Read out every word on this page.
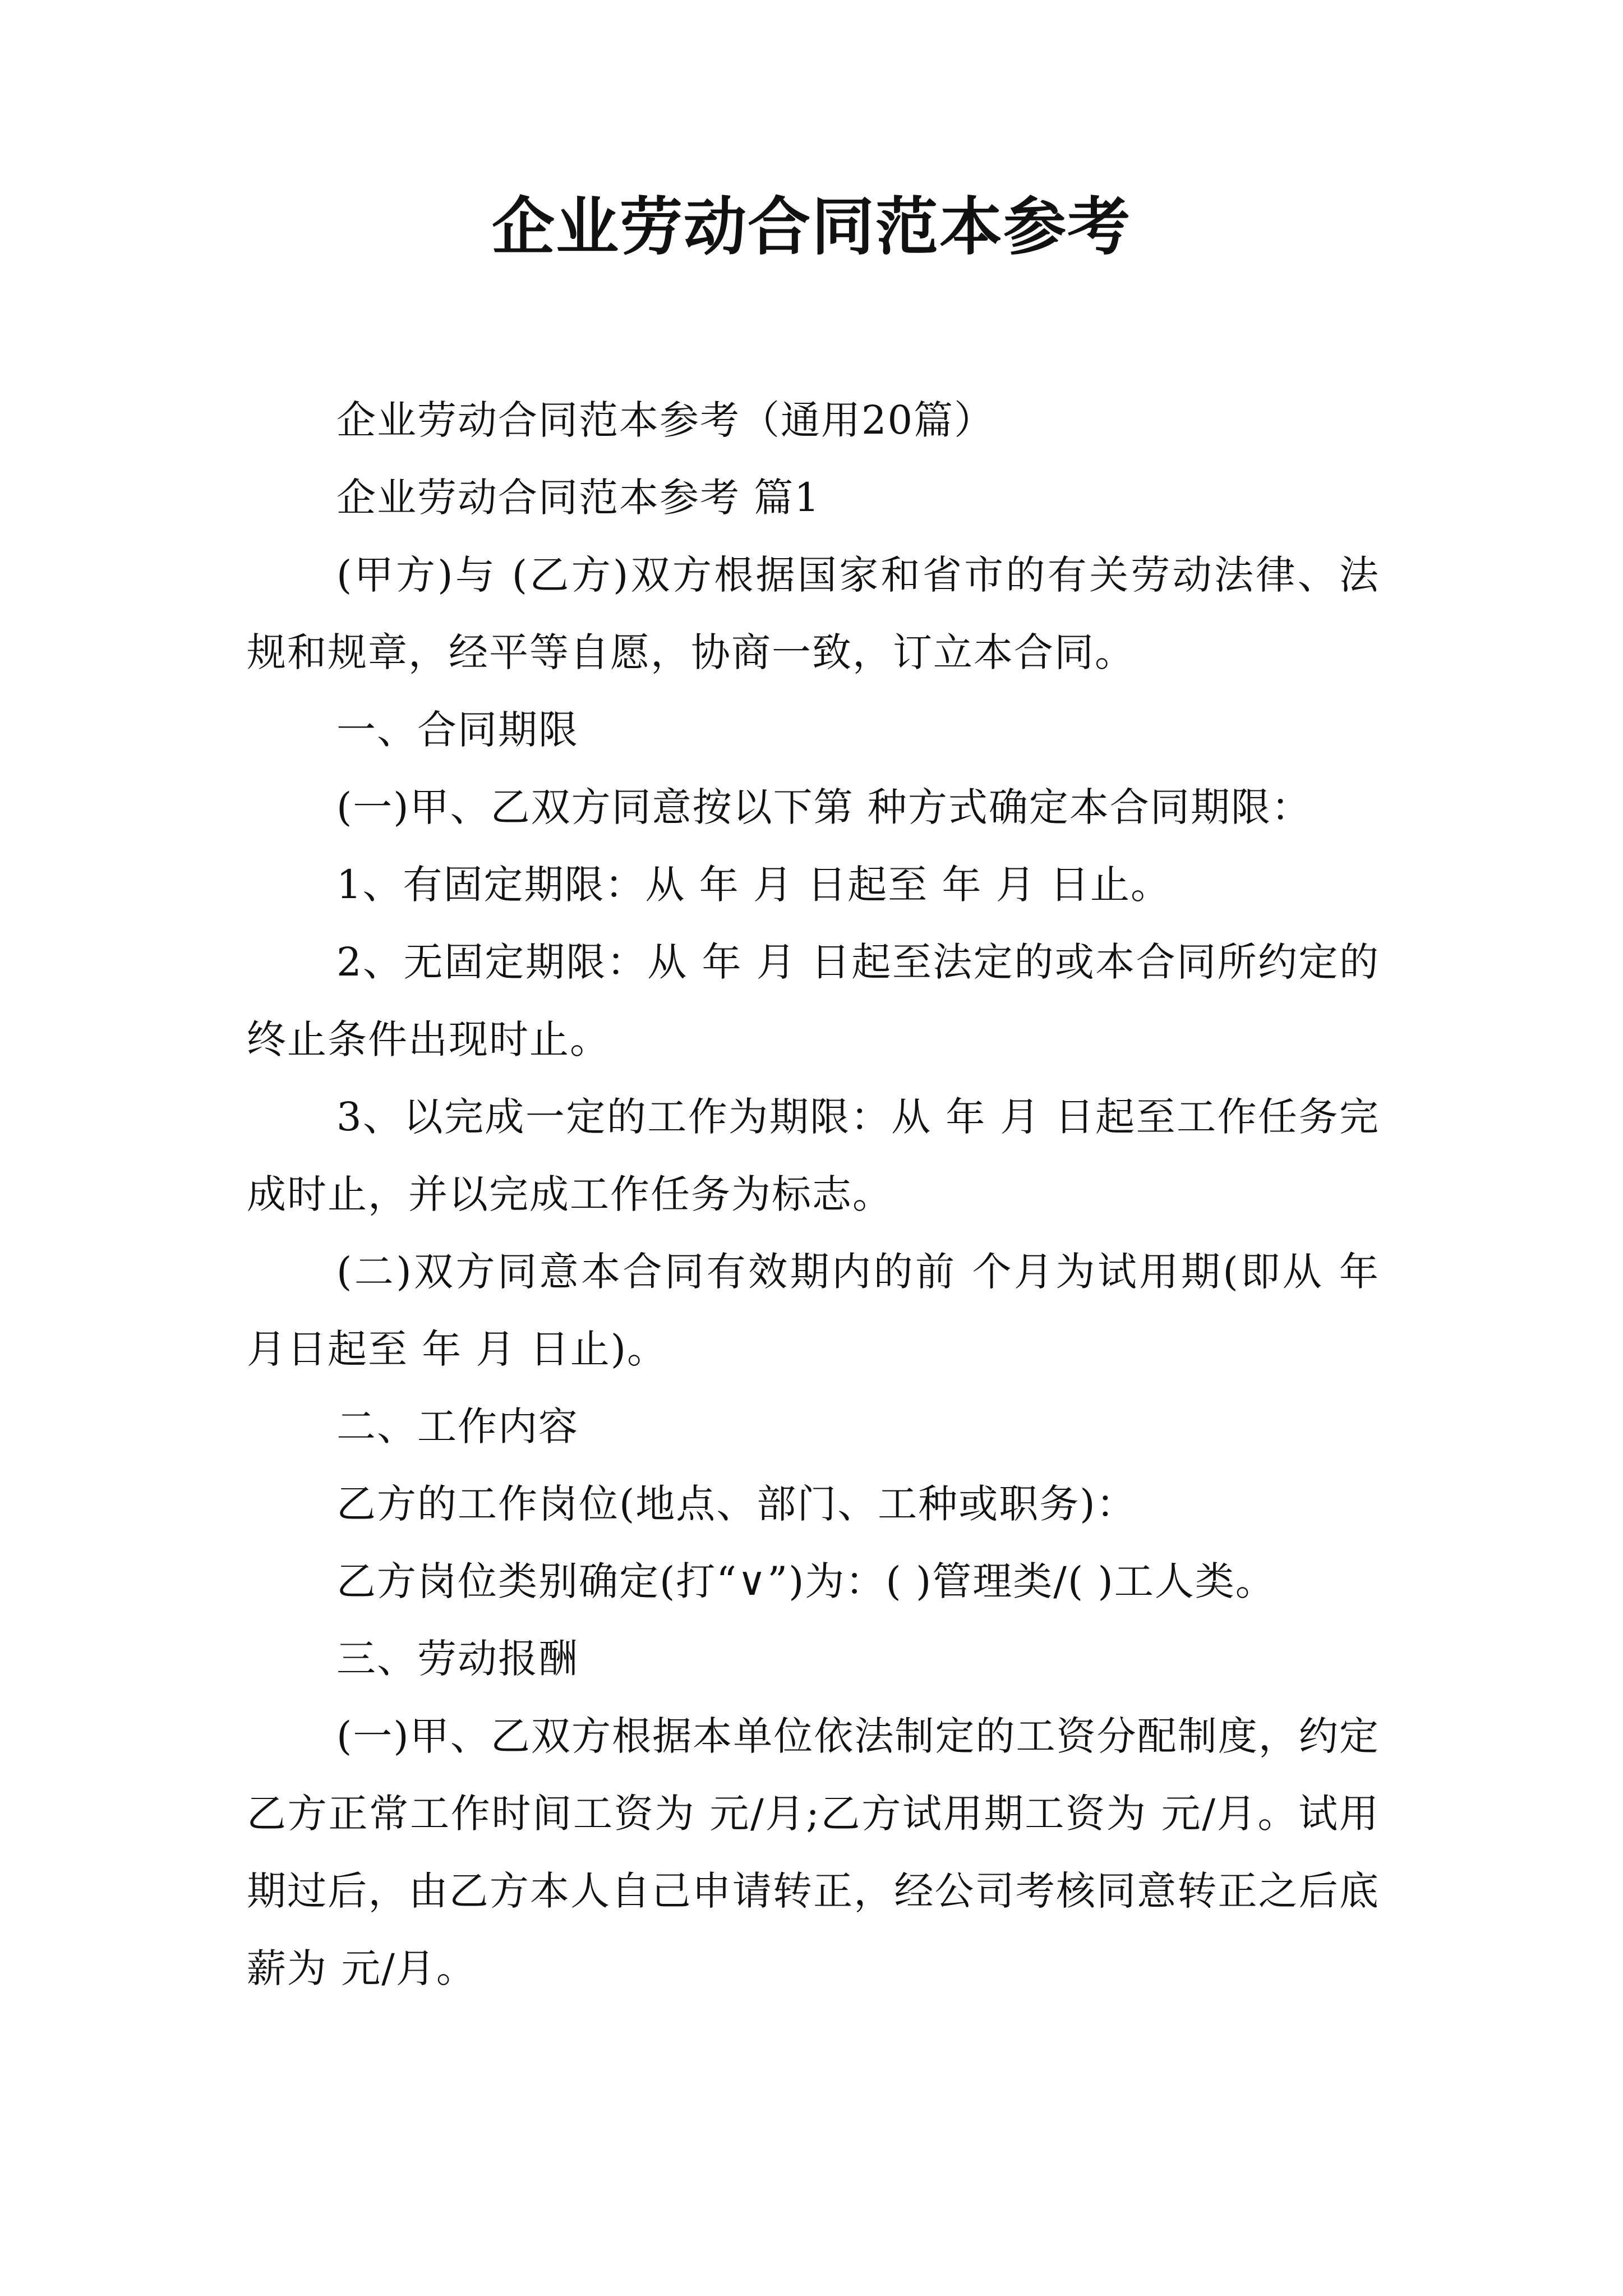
企业劳动合同范本参考

企业劳动合同范本参考（通用20篇）

企业劳动合同范本参考 篇1

(甲方)与 (乙方)双方根据国家和省市的有关劳动法律、法规和规章，经平等自愿，协商一致，订立本合同。

一、合同期限

(一)甲、乙双方同意按以下第 种方式确定本合同期限：

1、有固定期限：从 年 月 日起至 年 月 日止。

2、无固定期限：从 年 月 日起至法定的或本合同所约定的终止条件出现时止。

3、以完成一定的工作为期限：从 年 月 日起至工作任务完成时止，并以完成工作任务为标志。

(二)双方同意本合同有效期内的前 个月为试用期(即从 年 月日起至 年 月 日止)。

二、工作内容

乙方的工作岗位(地点、部门、工种或职务)：

乙方岗位类别确定(打“∨”)为：( )管理类/( )工人类。

三、劳动报酬

(一)甲、乙双方根据本单位依法制定的工资分配制度，约定乙方正常工作时间工资为 元/月;乙方试用期工资为 元/月。试用期过后，由乙方本人自己申请转正，经公司考核同意转正之后底薪为 元/月。
